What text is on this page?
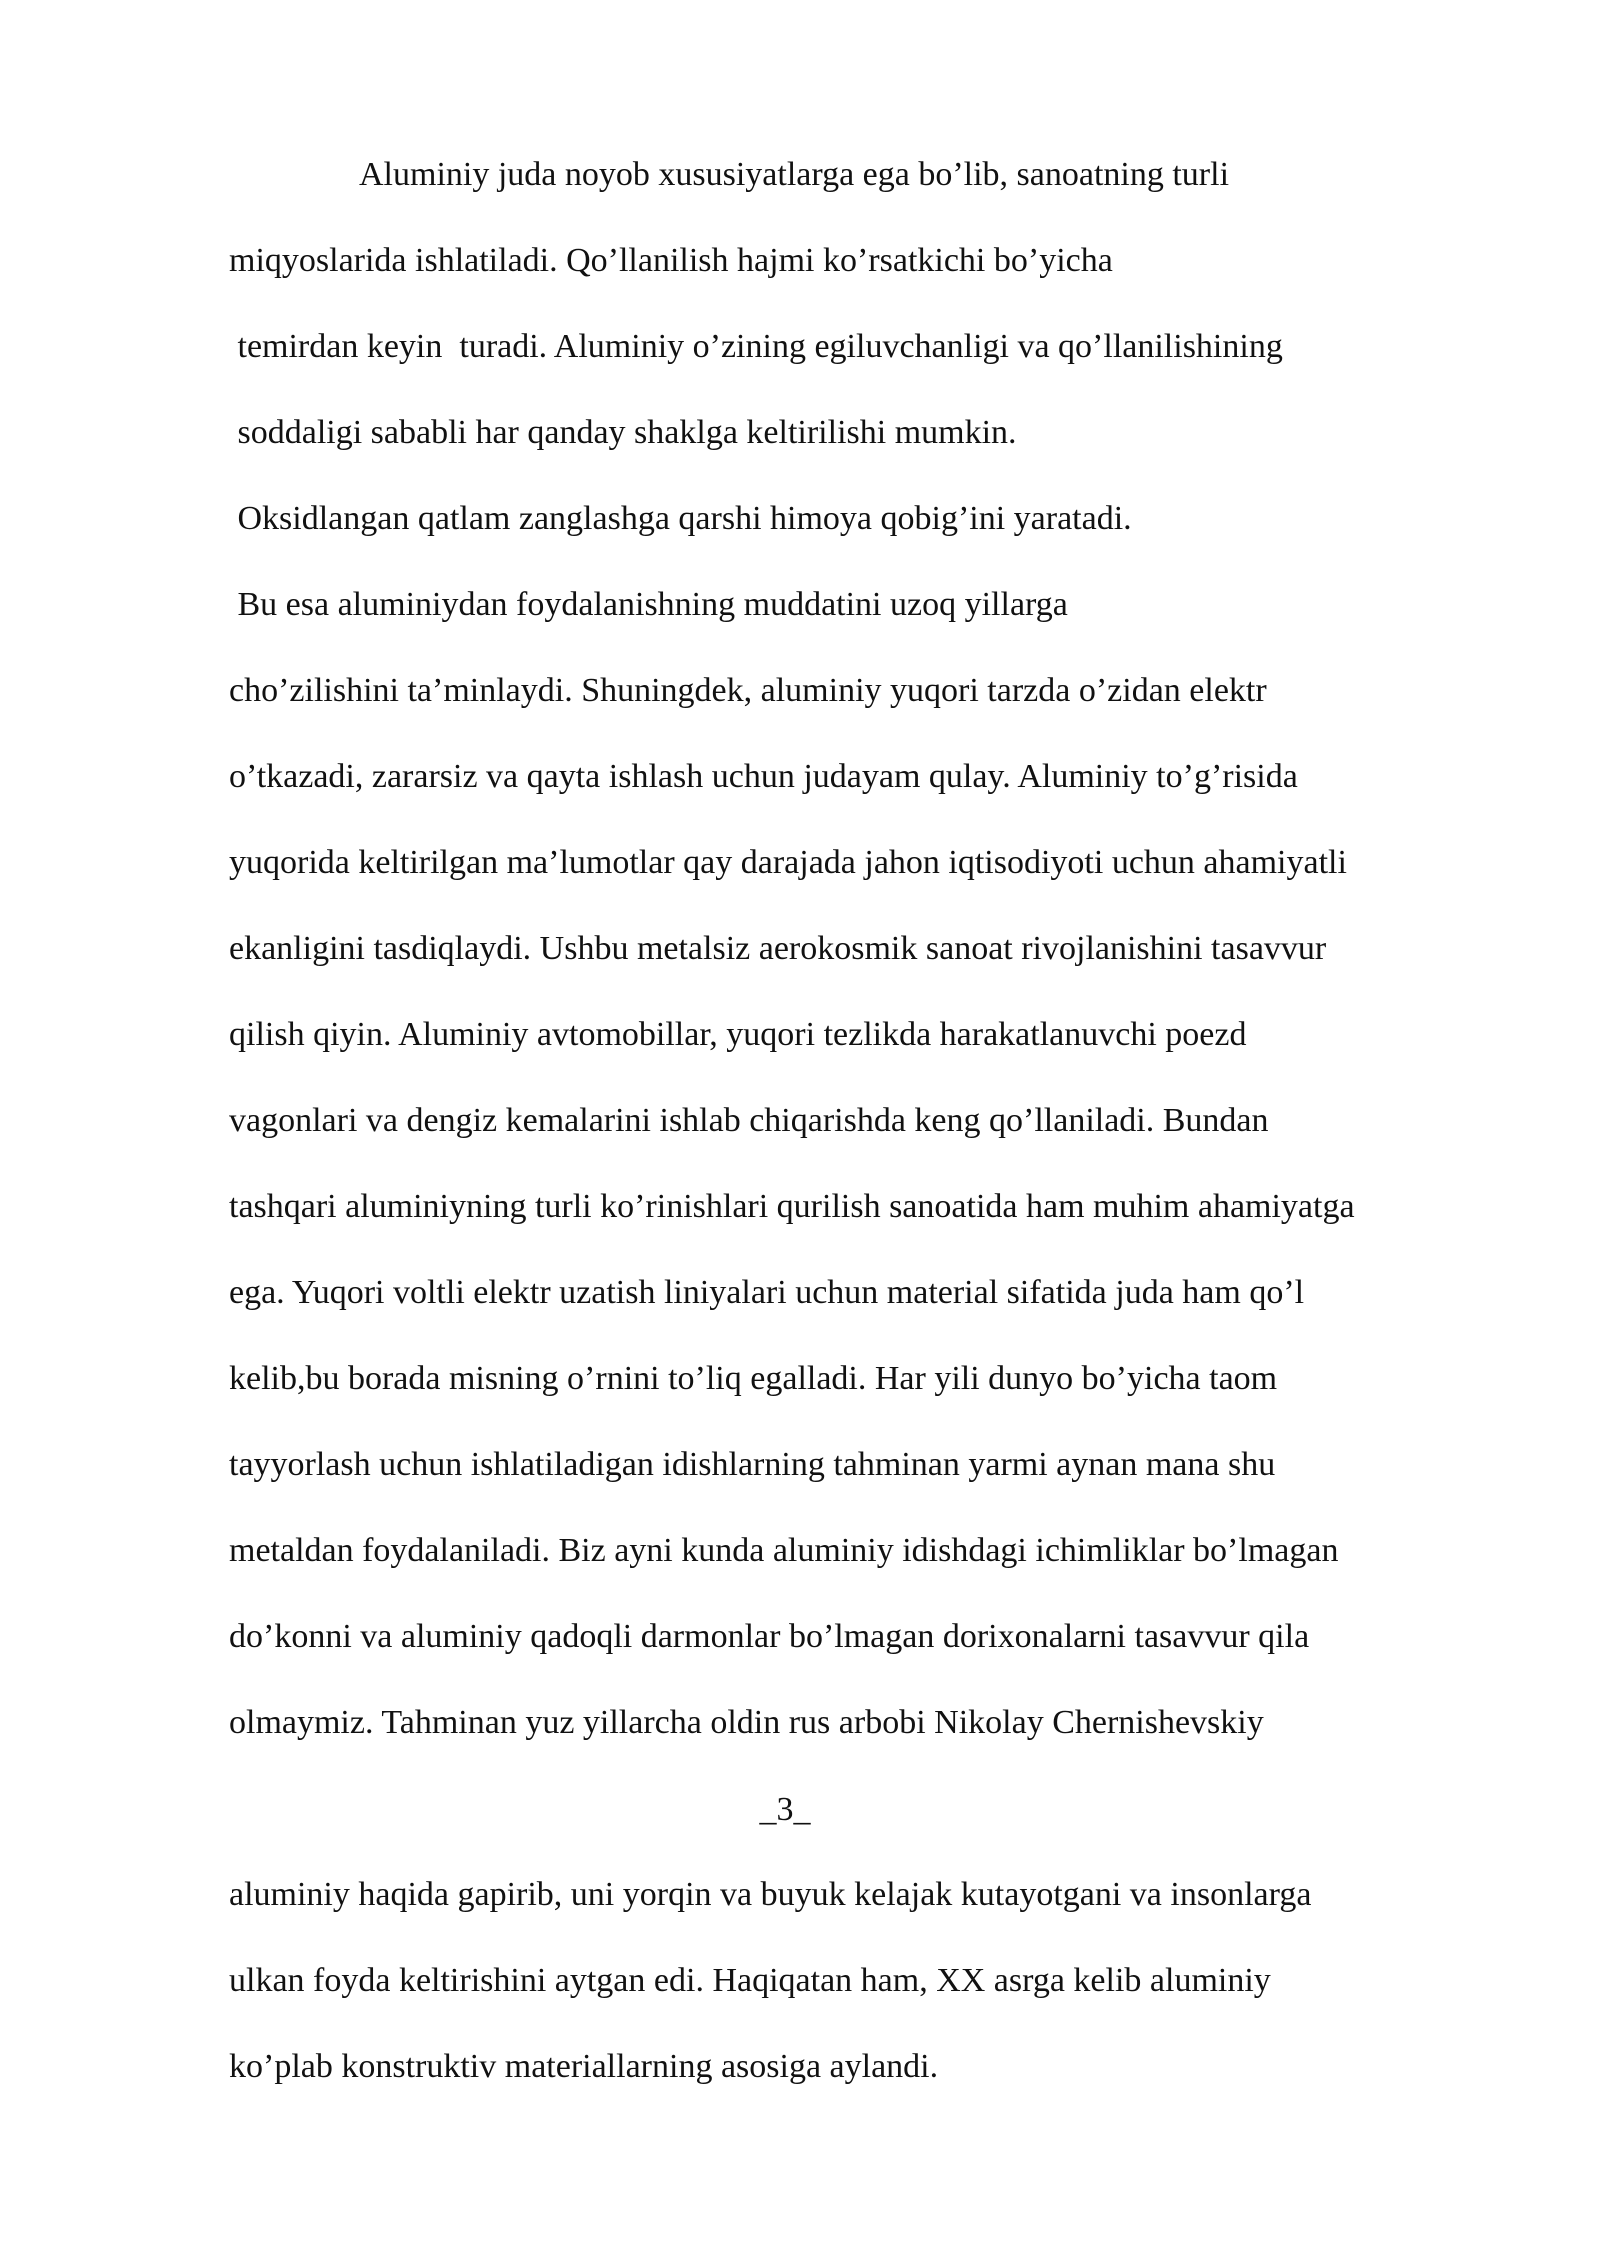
Aluminiy juda noyob xususiyatlarga ega bo’lib, sanoatning turli
miqyoslarida ishlatiladi. Qo’llanilish hajmi ko’rsatkichi bo’yicha
temirdan keyin  turadi. Aluminiy o’zining egiluvchanligi va qo’llanilishining
soddaligi sababli har qanday shaklga keltirilishi mumkin.
Oksidlangan qatlam zanglashga qarshi himoya qobig’ini yaratadi.
Bu esa aluminiydan foydalanishning muddatini uzoq yillarga
cho’zilishini ta’minlaydi. Shuningdek, aluminiy yuqori tarzda o’zidan elektr
o’tkazadi, zararsiz va qayta ishlash uchun judayam qulay. Aluminiy to’g’risida
yuqorida keltirilgan ma’lumotlar qay darajada jahon iqtisodiyoti uchun ahamiyatli
ekanligini tasdiqlaydi. Ushbu metalsiz aerokosmik sanoat rivojlanishini tasavvur
qilish qiyin. Aluminiy avtomobillar, yuqori tezlikda harakatlanuvchi poezd
vagonlari va dengiz kemalarini ishlab chiqarishda keng qo’llaniladi. Bundan
tashqari aluminiyning turli ko’rinishlari qurilish sanoatida ham muhim ahamiyatga
ega. Yuqori voltli elektr uzatish liniyalari uchun material sifatida juda ham qo’l
kelib,bu borada misning o’rnini to’liq egalladi. Har yili dunyo bo’yicha taom
tayyorlash uchun ishlatiladigan idishlarning tahminan yarmi aynan mana shu
metaldan foydalaniladi. Biz ayni kunda aluminiy idishdagi ichimliklar bo’lmagan
do’konni va aluminiy qadoqli darmonlar bo’lmagan dorixonalarni tasavvur qila
olmaymiz. Tahminan yuz yillarcha oldin rus arbobi Nikolay Chernishevskiy
_3_
aluminiy haqida gapirib, uni yorqin va buyuk kelajak kutayotgani va insonlarga
ulkan foyda keltirishini aytgan edi. Haqiqatan ham, XX asrga kelib aluminiy
ko’plab konstruktiv materiallarning asosiga aylandi.
